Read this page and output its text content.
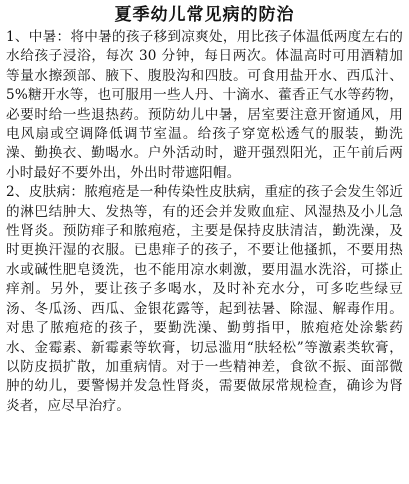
夏季幼儿常见病的防治

1、中暑：将中暑的孩子移到凉爽处，用比孩子体温低两度左右的水给孩子浸浴，每次 30 分钟，每日两次。体温高时可用酒精加等量水擦颈部、腋下、腹股沟和四肢。可食用盐开水、西瓜汁、5%糖开水等，也可服用一些人丹、十滴水、藿香正气水等药物，必要时给一些退热药。预防幼儿中暑，居室要注意开窗通风，用电风扇或空调降低调节室温。给孩子穿宽松透气的服装，勤洗澡、勤换衣、勤喝水。户外活动时，避开强烈阳光，正午前后两小时最好不要外出，外出时带遮阳帽。

2、皮肤病：脓疱疮是一种传染性皮肤病，重症的孩子会发生邻近的淋巴结肿大、发热等，有的还会并发败血症、风湿热及小儿急性肾炎。预防痱子和脓疱疮，主要是保持皮肤清洁，勤洗澡，及时更换汗湿的衣服。已患痱子的孩子，不要让他搔抓，不要用热水或碱性肥皂烫洗，也不能用凉水刺激，要用温水洗浴，可搽止痒剂。另外，要让孩子多喝水，及时补充水分，可多吃些绿豆汤、冬瓜汤、西瓜、金银花露等，起到祛暑、除湿、解毒作用。对患了脓疱疮的孩子，要勤洗澡、勤剪指甲，脓疱疮处涂紫药水、金霉素、新霉素等软膏，切忌滥用“肤轻松”等激素类软膏，以防皮损扩散，加重病情。对于一些精神差，食欲不振、面部微肿的幼儿，要警惕并发急性肾炎，需要做尿常规检查，确诊为肾炎者，应尽早治疗。
